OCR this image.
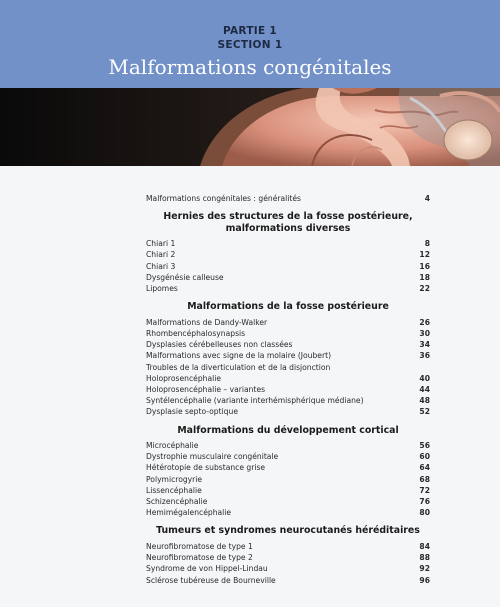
PARTIE 1
SECTION 1
Malformations congénitales
Malformations congénitales : généralités	4
Hernies des structures de la fosse postérieure,
malformations diverses
Chiari 1	8
Chiari 2	12
Chiari 3	16
Dysgénésie calleuse	18
Lipomes	22
Malformations de la fosse postérieure
Malformations de Dandy-Walker	26
Rhombencéphalosynapsis	30
Dysplasies cérébelleuses non classées	34
Malformations avec signe de la molaire (Joubert)	36
Troubles de la diverticulation et de la disjonction
Holoprosencéphalie	40
Holoprosencéphalie – variantes	44
Syntélencéphalie (variante interhémisphérique médiane)	48
Dysplasie septo-optique	52
Malformations du développement cortical
Microcéphalie	56
Dystrophie musculaire congénitale	60
Hétérotopie de substance grise	64
Polymicrogyrie	68
Lissencéphalie	72
Schizencéphalie	76
Hemimégalencéphalie	80
Tumeurs et syndromes neurocutanés héréditaires
Neurofibromatose de type 1	84
Neurofibromatose de type 2	88
Syndrome de von Hippel-Lindau	92
Sclérose tubéreuse de Bourneville	96
